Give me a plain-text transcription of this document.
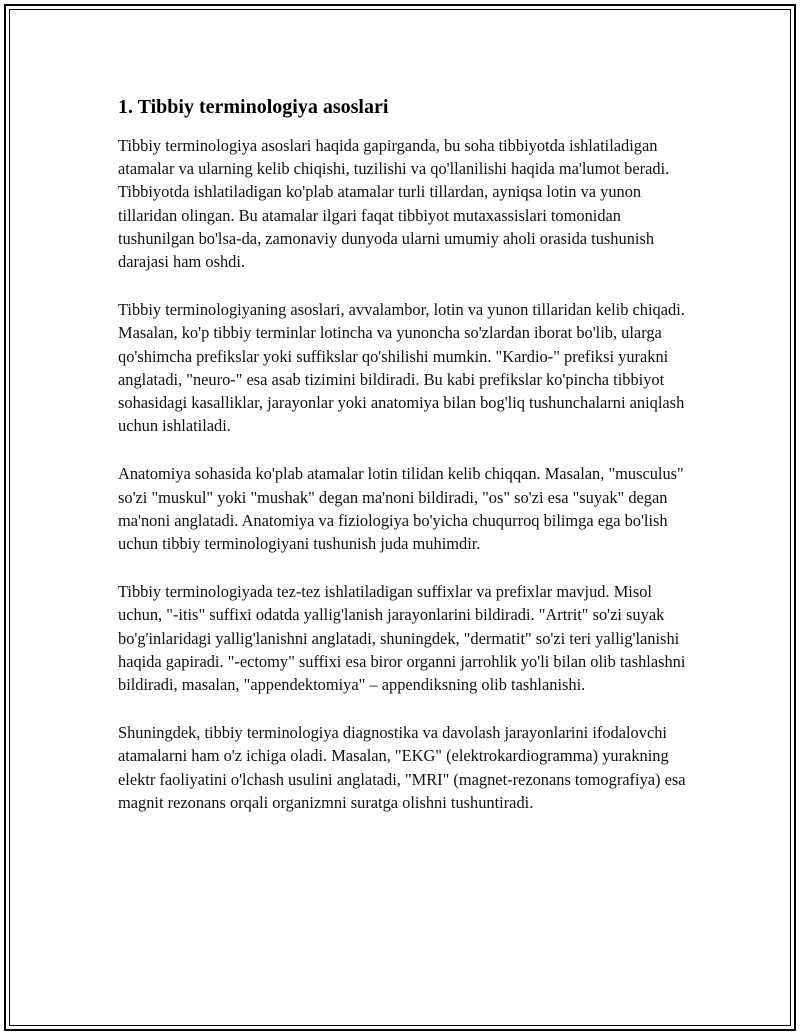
1. Tibbiy terminologiya asoslari

Tibbiy terminologiya asoslari haqida gapirganda, bu soha tibbiyotda ishlatiladigan atamalar va ularning kelib chiqishi, tuzilishi va qo'llanilishi haqida ma'lumot beradi. Tibbiyotda ishlatiladigan ko'plab atamalar turli tillardan, ayniqsa lotin va yunon tillaridan olingan. Bu atamalar ilgari faqat tibbiyot mutaxassislari tomonidan tushunilgan bo'lsa-da, zamonaviy dunyoda ularni umumiy aholi orasida tushunish darajasi ham oshdi.

Tibbiy terminologiyaning asoslari, avvalambor, lotin va yunon tillaridan kelib chiqadi. Masalan, ko'p tibbiy terminlar lotincha va yunoncha so'zlardan iborat bo'lib, ularga qo'shimcha prefikslar yoki suffikslar qo'shilishi mumkin. "Kardio-" prefiksi yurakni anglatadi, "neuro-" esa asab tizimini bildiradi. Bu kabi prefikslar ko'pincha tibbiyot sohasidagi kasalliklar, jarayonlar yoki anatomiya bilan bog'liq tushunchalarni aniqlash uchun ishlatiladi.

Anatomiya sohasida ko'plab atamalar lotin tilidan kelib chiqqan. Masalan, "musculus" so'zi "muskul" yoki "mushak" degan ma'noni bildiradi, "os" so'zi esa "suyak" degan ma'noni anglatadi. Anatomiya va fiziologiya bo'yicha chuqurroq bilimga ega bo'lish uchun tibbiy terminologiyani tushunish juda muhimdir.

Tibbiy terminologiyada tez-tez ishlatiladigan suffixlar va prefixlar mavjud. Misol uchun, "-itis" suffixi odatda yallig'lanish jarayonlarini bildiradi. "Artrit" so'zi suyak bo'g'inlaridagi yallig'lanishni anglatadi, shuningdek, "dermatit" so'zi teri yallig'lanishi haqida gapiradi. "-ectomy" suffixi esa biror organni jarrohlik yo'li bilan olib tashlashni bildiradi, masalan, "appendektomiya" – appendiksning olib tashlanishi.

Shuningdek, tibbiy terminologiya diagnostika va davolash jarayonlarini ifodalovchi atamalarni ham o'z ichiga oladi. Masalan, "EKG" (elektrokardiogramma) yurakning elektr faoliyatini o'lchash usulini anglatadi, "MRI" (magnet-rezonans tomografiya) esa magnit rezonans orqali organizmni suratga olishni tushuntiradi.
